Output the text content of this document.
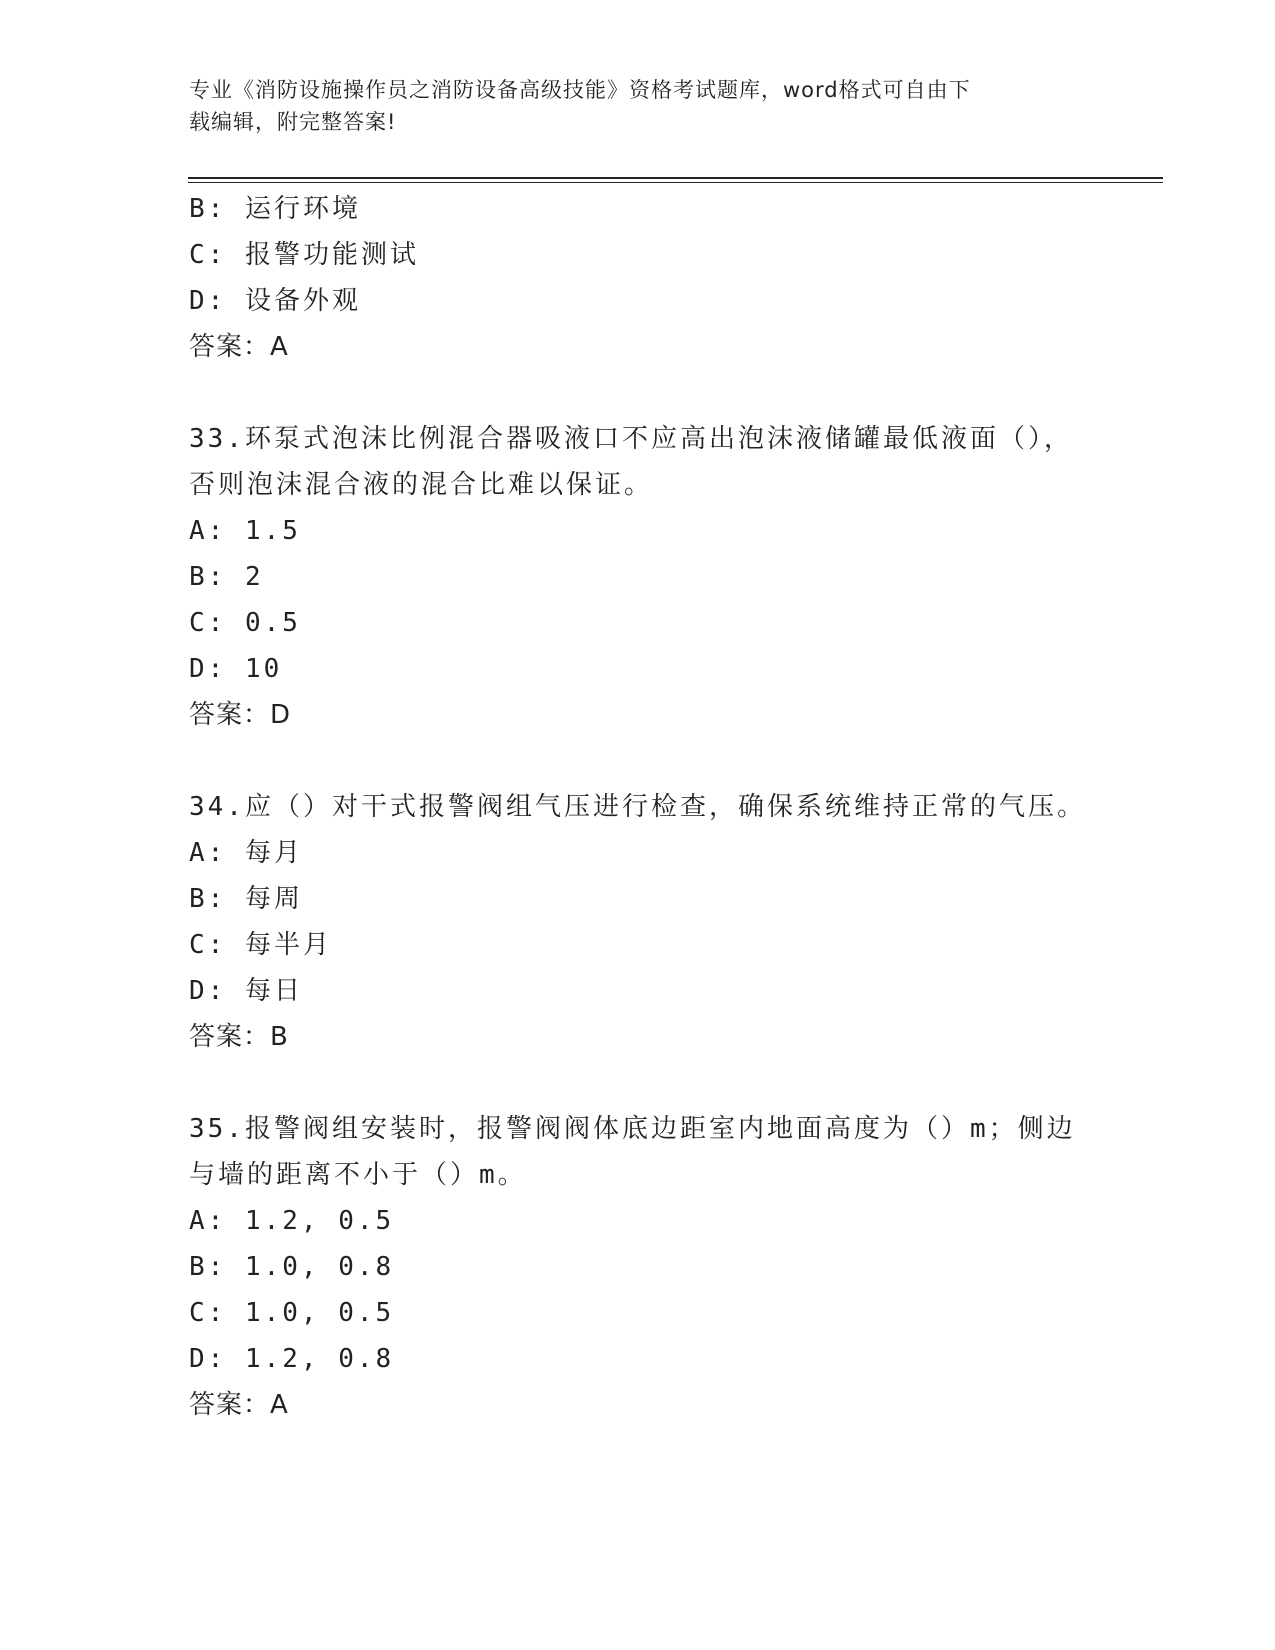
专业《消防设施操作员之消防设备高级技能》资格考试题库，word格式可自由下
载编辑，附完整答案!
B: 运行环境
C: 报警功能测试
D: 设备外观
答案：A
33.环泵式泡沫比例混合器吸液口不应高出泡沫液储罐最低液面（），
否则泡沫混合液的混合比难以保证。
A: 1.5
B: 2
C: 0.5
D: 10
答案：D
34.应（）对干式报警阀组气压进行检查，确保系统维持正常的气压。
A: 每月
B: 每周
C: 每半月
D: 每日
答案：B
35.报警阀组安装时，报警阀阀体底边距室内地面高度为（）m；侧边
与墙的距离不小于（）m。
A: 1.2, 0.5
B: 1.0, 0.8
C: 1.0, 0.5
D: 1.2, 0.8
答案：A
